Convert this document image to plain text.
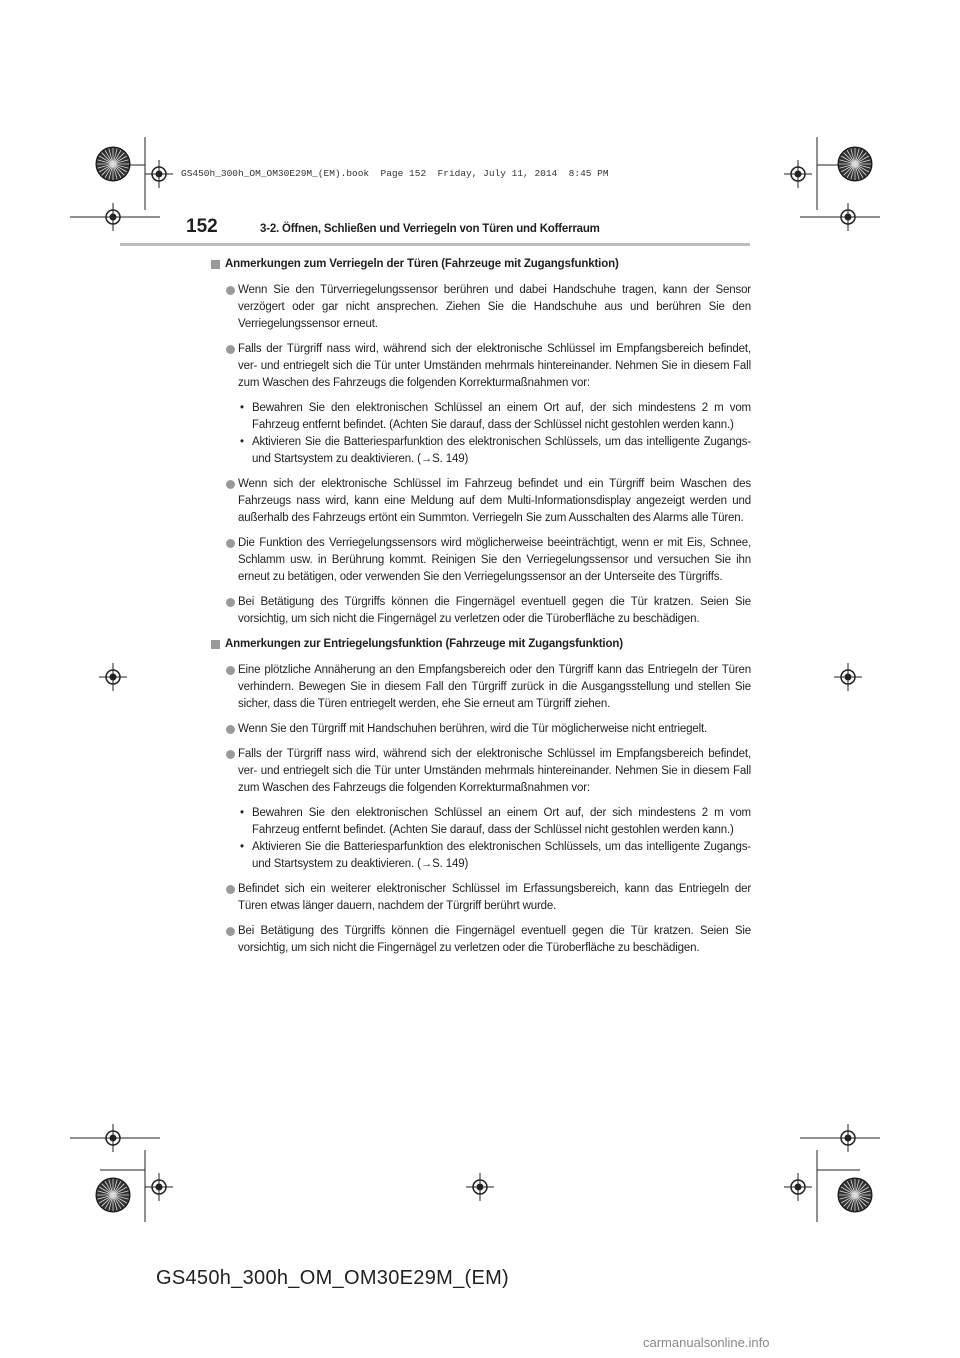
GS450h_300h_OM_OM30E29M_(EM).book  Page 152  Friday, July 11, 2014  8:45 PM
152	3-2. Öffnen, Schließen und Verriegeln von Türen und Kofferraum
Anmerkungen zum Verriegeln der Türen (Fahrzeuge mit Zugangsfunktion)
Wenn Sie den Türverriegelungssensor berühren und dabei Handschuhe tragen, kann der Sensor verzögert oder gar nicht ansprechen. Ziehen Sie die Handschuhe aus und berühren Sie den Verriegelungssensor erneut.
Falls der Türgriff nass wird, während sich der elektronische Schlüssel im Empfangsbereich befindet, ver- und entriegelt sich die Tür unter Umständen mehrmals hintereinander. Nehmen Sie in diesem Fall zum Waschen des Fahrzeugs die folgenden Korrekturmaßnahmen vor:
• Bewahren Sie den elektronischen Schlüssel an einem Ort auf, der sich mindestens 2 m vom Fahrzeug entfernt befindet. (Achten Sie darauf, dass der Schlüssel nicht gestohlen werden kann.)
• Aktivieren Sie die Batteriesparfunktion des elektronischen Schlüssels, um das intelligente Zugangs- und Startsystem zu deaktivieren. (→S. 149)
Wenn sich der elektronische Schlüssel im Fahrzeug befindet und ein Türgriff beim Waschen des Fahrzeugs nass wird, kann eine Meldung auf dem Multi-Informationsdisplay angezeigt werden und außerhalb des Fahrzeugs ertönt ein Summton. Verriegeln Sie zum Ausschalten des Alarms alle Türen.
Die Funktion des Verriegelungssensors wird möglicherweise beeinträchtigt, wenn er mit Eis, Schnee, Schlamm usw. in Berührung kommt. Reinigen Sie den Verriegelungssensor und versuchen Sie ihn erneut zu betätigen, oder verwenden Sie den Verriegelungssensor an der Unterseite des Türgriffs.
Bei Betätigung des Türgriffs können die Fingernägel eventuell gegen die Tür kratzen. Seien Sie vorsichtig, um sich nicht die Fingernägel zu verletzen oder die Türoberfläche zu beschädigen.
Anmerkungen zur Entriegelungsfunktion (Fahrzeuge mit Zugangsfunktion)
Eine plötzliche Annäherung an den Empfangsbereich oder den Türgriff kann das Entriegeln der Türen verhindern. Bewegen Sie in diesem Fall den Türgriff zurück in die Ausgangsstellung und stellen Sie sicher, dass die Türen entriegelt werden, ehe Sie erneut am Türgriff ziehen.
Wenn Sie den Türgriff mit Handschuhen berühren, wird die Tür möglicherweise nicht entriegelt.
Falls der Türgriff nass wird, während sich der elektronische Schlüssel im Empfangsbereich befindet, ver- und entriegelt sich die Tür unter Umständen mehrmals hintereinander. Nehmen Sie in diesem Fall zum Waschen des Fahrzeugs die folgenden Korrekturmaßnahmen vor:
• Bewahren Sie den elektronischen Schlüssel an einem Ort auf, der sich mindestens 2 m vom Fahrzeug entfernt befindet. (Achten Sie darauf, dass der Schlüssel nicht gestohlen werden kann.)
• Aktivieren Sie die Batteriesparfunktion des elektronischen Schlüssels, um das intelligente Zugangs- und Startsystem zu deaktivieren. (→S. 149)
Befindet sich ein weiterer elektronischer Schlüssel im Erfassungsbereich, kann das Entriegeln der Türen etwas länger dauern, nachdem der Türgriff berührt wurde.
Bei Betätigung des Türgriffs können die Fingernägel eventuell gegen die Tür kratzen. Seien Sie vorsichtig, um sich nicht die Fingernägel zu verletzen oder die Türoberfläche zu beschädigen.
GS450h_300h_OM_OM30E29M_(EM)
carmanualsonline.info
